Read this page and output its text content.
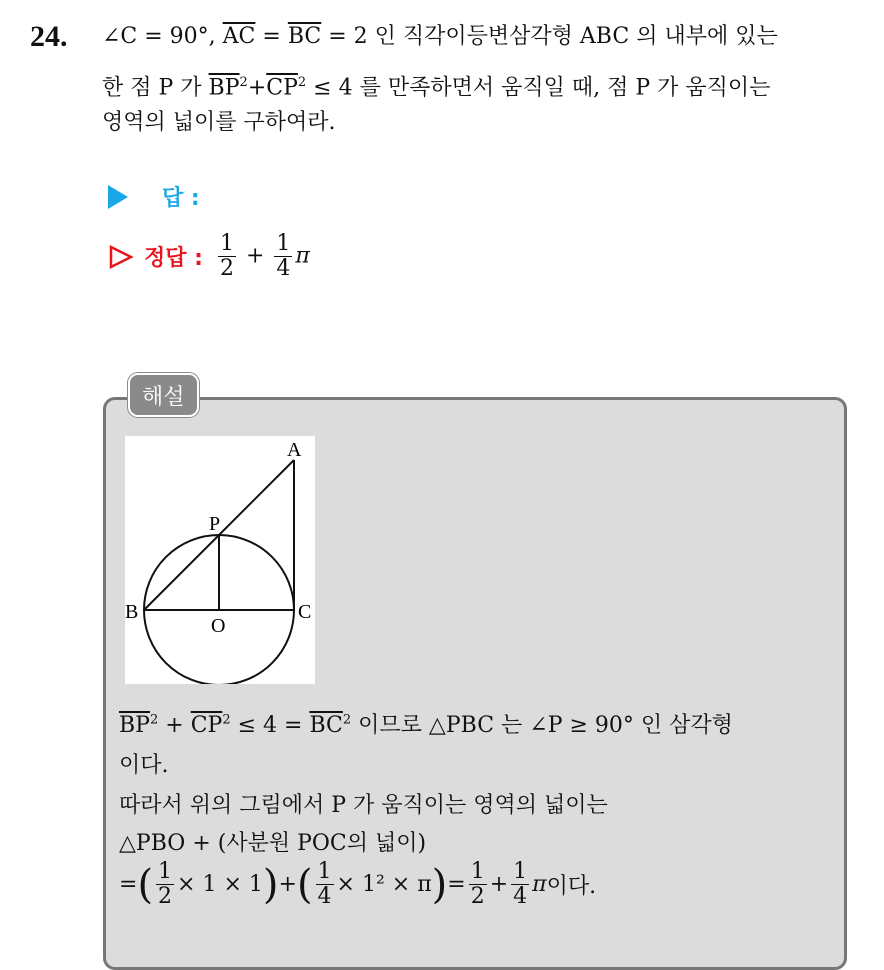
24. ∠C = 90°, $\overline{AC} = \overline{BC} = 2$ 인 직각이등변삼각형 ABC 의 내부에 있는
한 점 P 가 $\overline{BP}^2+\overline{CP}^2 \le 4$ 를 만족하면서 움직일 때, 점 P 가 움직이는
영역의 넓이를 구하여라.
답 :
정답 : $\frac{1}{2} + \frac{1}{4}$ π
해설
A
B	C
O
P
$\overline{BP}^2 + \overline{CP}^2 \le 4 = \overline{BC}^2$ 이므로 △PBC 는 ∠P ≥ 90° 인 삼각형
이다.
따라서 위의 그림에서 P 가 움직이는 영역의 넓이는
△PBO + (사분원 POC의 넓이)
= ( $\frac{1}{2} \times 1 \times 1$ ) + ( $\frac{1}{4} \times 1^2 \times \pi$ ) = $\frac{1}{2} + \frac{1}{4}$ π 이다.
